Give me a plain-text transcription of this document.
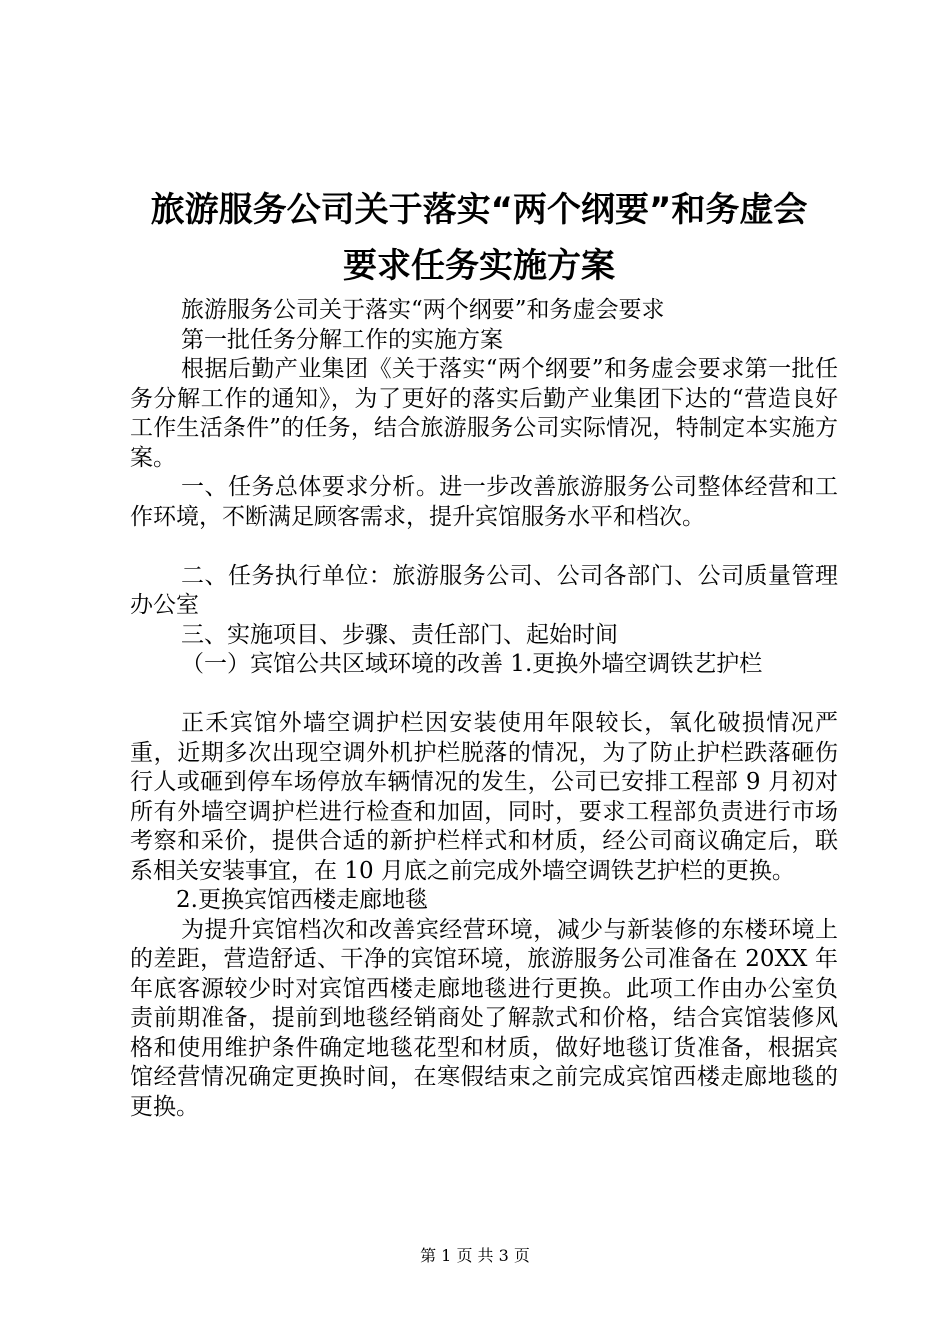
旅游服务公司关于落实“两个纲要”和务虚会
要求任务实施方案

旅游服务公司关于落实“两个纲要”和务虚会要求

第一批任务分解工作的实施方案

根据后勤产业集团《关于落实“两个纲要”和务虚会要求第一批任务分解工作的通知》，为了更好的落实后勤产业集团下达的“营造良好工作生活条件”的任务，结合旅游服务公司实际情况，特制定本实施方案。

一、任务总体要求分析。进一步改善旅游服务公司整体经营和工作环境，不断满足顾客需求，提升宾馆服务水平和档次。

二、任务执行单位：旅游服务公司、公司各部门、公司质量管理办公室

三、实施项目、步骤、责任部门、起始时间

（一）宾馆公共区域环境的改善 1.更换外墙空调铁艺护栏

正禾宾馆外墙空调护栏因安装使用年限较长，氧化破损情况严重，近期多次出现空调外机护栏脱落的情况，为了防止护栏跌落砸伤行人或砸到停车场停放车辆情况的发生，公司已安排工程部 9 月初对所有外墙空调护栏进行检查和加固，同时，要求工程部负责进行市场考察和采价，提供合适的新护栏样式和材质，经公司商议确定后，联系相关安装事宜，在 10 月底之前完成外墙空调铁艺护栏的更换。

2.更换宾馆西楼走廊地毯

为提升宾馆档次和改善宾经营环境，减少与新装修的东楼环境上的差距，营造舒适、干净的宾馆环境，旅游服务公司准备在 20XX 年年底客源较少时对宾馆西楼走廊地毯进行更换。此项工作由办公室负责前期准备，提前到地毯经销商处了解款式和价格，结合宾馆装修风格和使用维护条件确定地毯花型和材质，做好地毯订货准备，根据宾馆经营情况确定更换时间，在寒假结束之前完成宾馆西楼走廊地毯的更换。

第 1 页 共 3 页
